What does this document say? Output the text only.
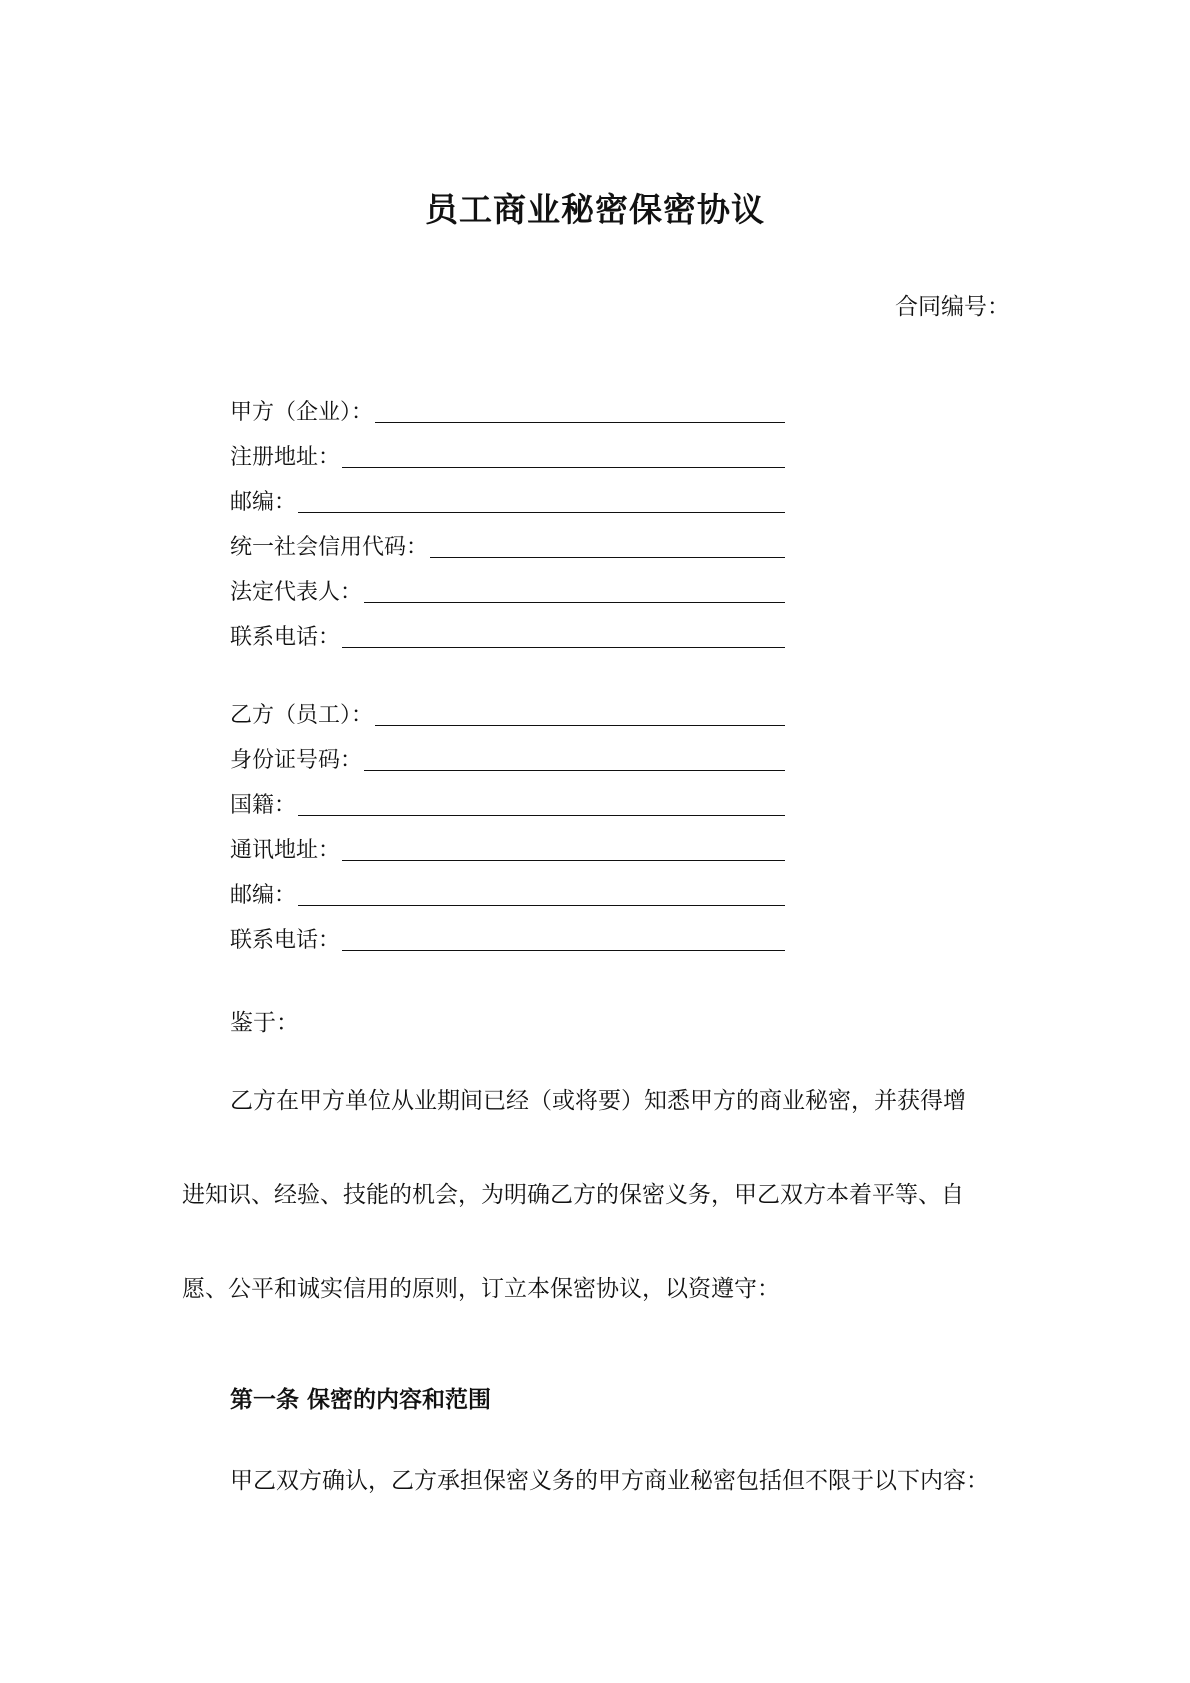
员工商业秘密保密协议
合同编号：
甲方（企业）：
注册地址：
邮编：
统一社会信用代码：
法定代表人：
联系电话：
乙方（员工）：
身份证号码：
国籍：
通讯地址：
邮编：
联系电话：
鉴于：
乙方在甲方单位从业期间已经（或将要）知悉甲方的商业秘密，并获得增
进知识、经验、技能的机会，为明确乙方的保密义务，甲乙双方本着平等、自
愿、公平和诚实信用的原则，订立本保密协议，以资遵守：
第一条 保密的内容和范围
甲乙双方确认，乙方承担保密义务的甲方商业秘密包括但不限于以下内容：
